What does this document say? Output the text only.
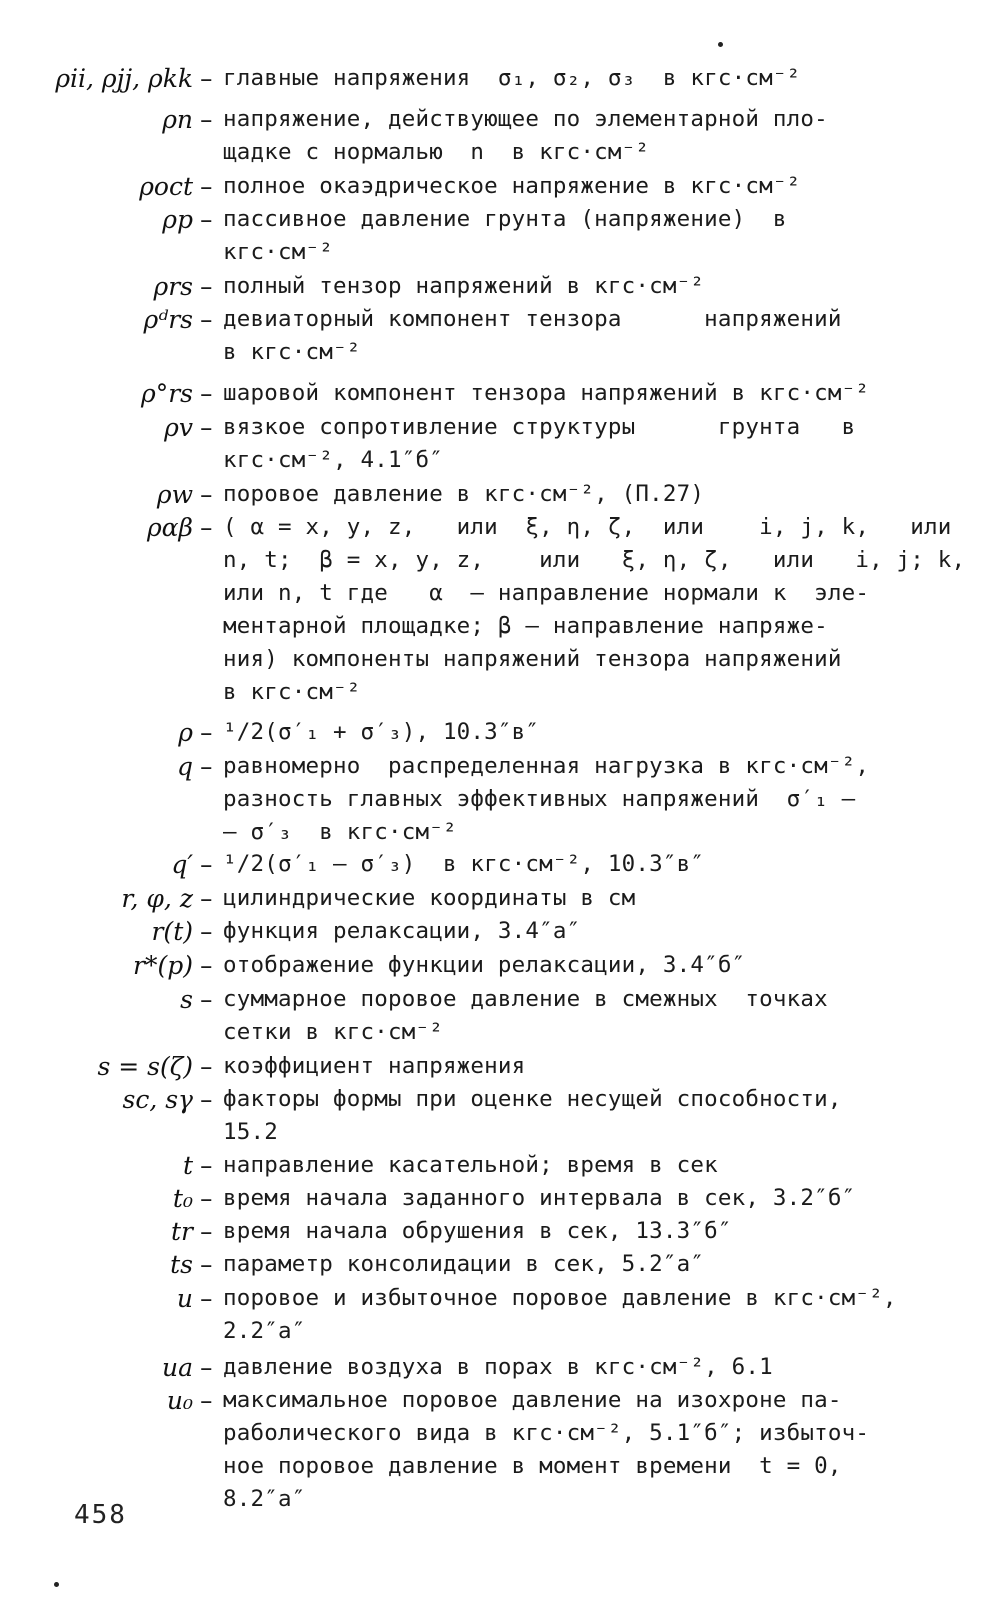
ρii, ρjj, ρkk – главные напряжения  σ₁, σ₂, σ₃  в кгс·см⁻²
ρn – напряжение, действующее по элементарной пло-
щадке с нормалью  n  в кгс·см⁻²
ρoct – полное окаэдрическое напряжение в кгс·см⁻²
ρp – пассивное давление грунта (напряжение)  в
кгс·см⁻²
ρrs – полный тензор напряжений в кгс·см⁻²
ρᵈrs – девиаторный компонент тензора      напряжений
в кгс·см⁻²
ρ°rs – шаровой компонент тензора напряжений в кгс·см⁻²
ρv – вязкое сопротивление структуры      грунта   в
кгс·см⁻², 4.1″б″
ρw – поровое давление в кгс·см⁻², (П.27)
ραβ – ( α = x, y, z,   или  ξ, η, ζ,  или    i, j, k,   или
n, t;  β = x, y, z,    или   ξ, η, ζ,   или   i, j; k,
или n, t где   α  – направление нормали к  эле-
ментарной площадке; β – направление напряже-
ния) компоненты напряжений тензора напряжений
в кгс·см⁻²
ρ – ¹/2(σ′₁ + σ′₃), 10.3″в″
q – равномерно  распределенная нагрузка в кгс·см⁻²,
разность главных эффективных напряжений  σ′₁ –
– σ′₃  в кгс·см⁻²
q′ – ¹/2(σ′₁ – σ′₃)  в кгс·см⁻², 10.3″в″
r, φ, z – цилиндрические координаты в см
r(t) – функция релаксации, 3.4″а″
r*(p) – отображение функции релаксации, 3.4″б″
s – суммарное поровое давление в смежных  точках
сетки в кгс·см⁻²
s = s(ζ) – коэффициент напряжения
sc, sγ – факторы формы при оценке несущей способности,
15.2
t – направление касательной; время в сек
t₀ – время начала заданного интервала в сек, 3.2″б″
tr – время начала обрушения в сек, 13.3″б″
ts – параметр консолидации в сек, 5.2″а″
u – поровое и избыточное поровое давление в кгс·см⁻²,
2.2″а″
ua – давление воздуха в порах в кгс·см⁻², 6.1
u₀ – максимальное поровое давление на изохроне па-
раболического вида в кгс·см⁻², 5.1″б″; избыточ-
ное поровое давление в момент времени  t = 0,
8.2″а″
458
